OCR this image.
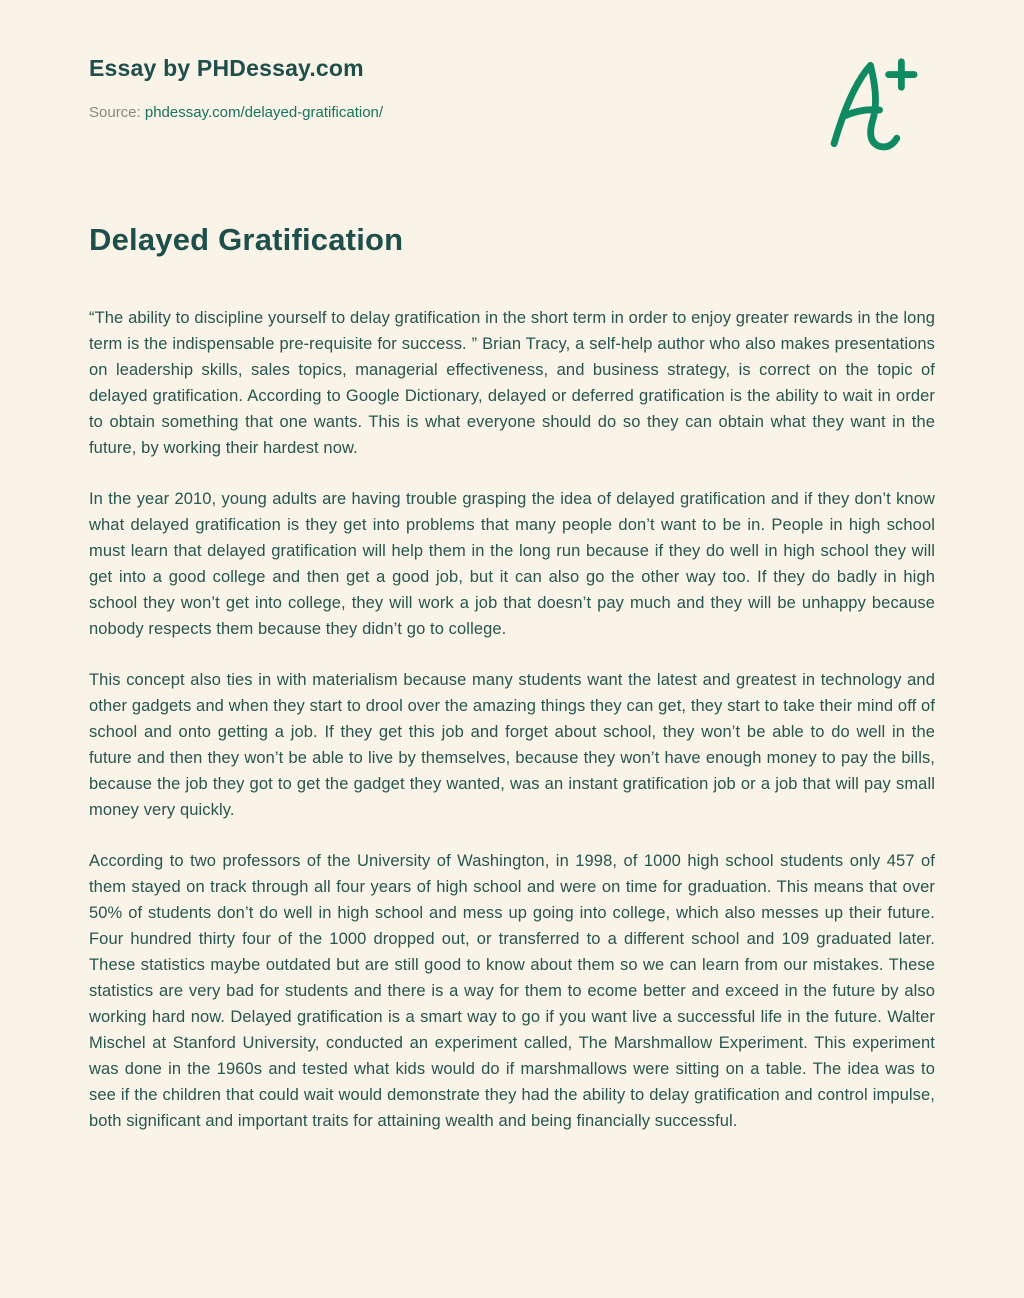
Essay by PHDessay.com
Source: phdessay.com/delayed-gratification/
Delayed Gratification

“The ability to discipline yourself to delay gratification in the short term in order to enjoy greater rewards in the long term is the indispensable pre-requisite for success. ” Brian Tracy, a self-help author who also makes presentations on leadership skills, sales topics, managerial effectiveness, and business strategy, is correct on the topic of delayed gratification. According to Google Dictionary, delayed or deferred gratification is the ability to wait in order to obtain something that one wants. This is what everyone should do so they can obtain what they want in the future, by working their hardest now.

In the year 2010, young adults are having trouble grasping the idea of delayed gratification and if they don’t know what delayed gratification is they get into problems that many people don’t want to be in. People in high school must learn that delayed gratification will help them in the long run because if they do well in high school they will get into a good college and then get a good job, but it can also go the other way too. If they do badly in high school they won’t get into college, they will work a job that doesn’t pay much and they will be unhappy because nobody respects them because they didn’t go to college.

This concept also ties in with materialism because many students want the latest and greatest in technology and other gadgets and when they start to drool over the amazing things they can get, they start to take their mind off of school and onto getting a job. If they get this job and forget about school, they won’t be able to do well in the future and then they won’t be able to live by themselves, because they won’t have enough money to pay the bills, because the job they got to get the gadget they wanted, was an instant gratification job or a job that will pay small money very quickly.

According to two professors of the University of Washington, in 1998, of 1000 high school students only 457 of them stayed on track through all four years of high school and were on time for graduation. This means that over 50% of students don’t do well in high school and mess up going into college, which also messes up their future. Four hundred thirty four of the 1000 dropped out, or transferred to a different school and 109 graduated later. These statistics maybe outdated but are still good to know about them so we can learn from our mistakes. These statistics are very bad for students and there is a way for them to ecome better and exceed in the future by also working hard now. Delayed gratification is a smart way to go if you want live a successful life in the future. Walter Mischel at Stanford University, conducted an experiment called, The Marshmallow Experiment. This experiment was done in the 1960s and tested what kids would do if marshmallows were sitting on a table. The idea was to see if the children that could wait would demonstrate they had the ability to delay gratification and control impulse, both significant and important traits for attaining wealth and being financially successful.
